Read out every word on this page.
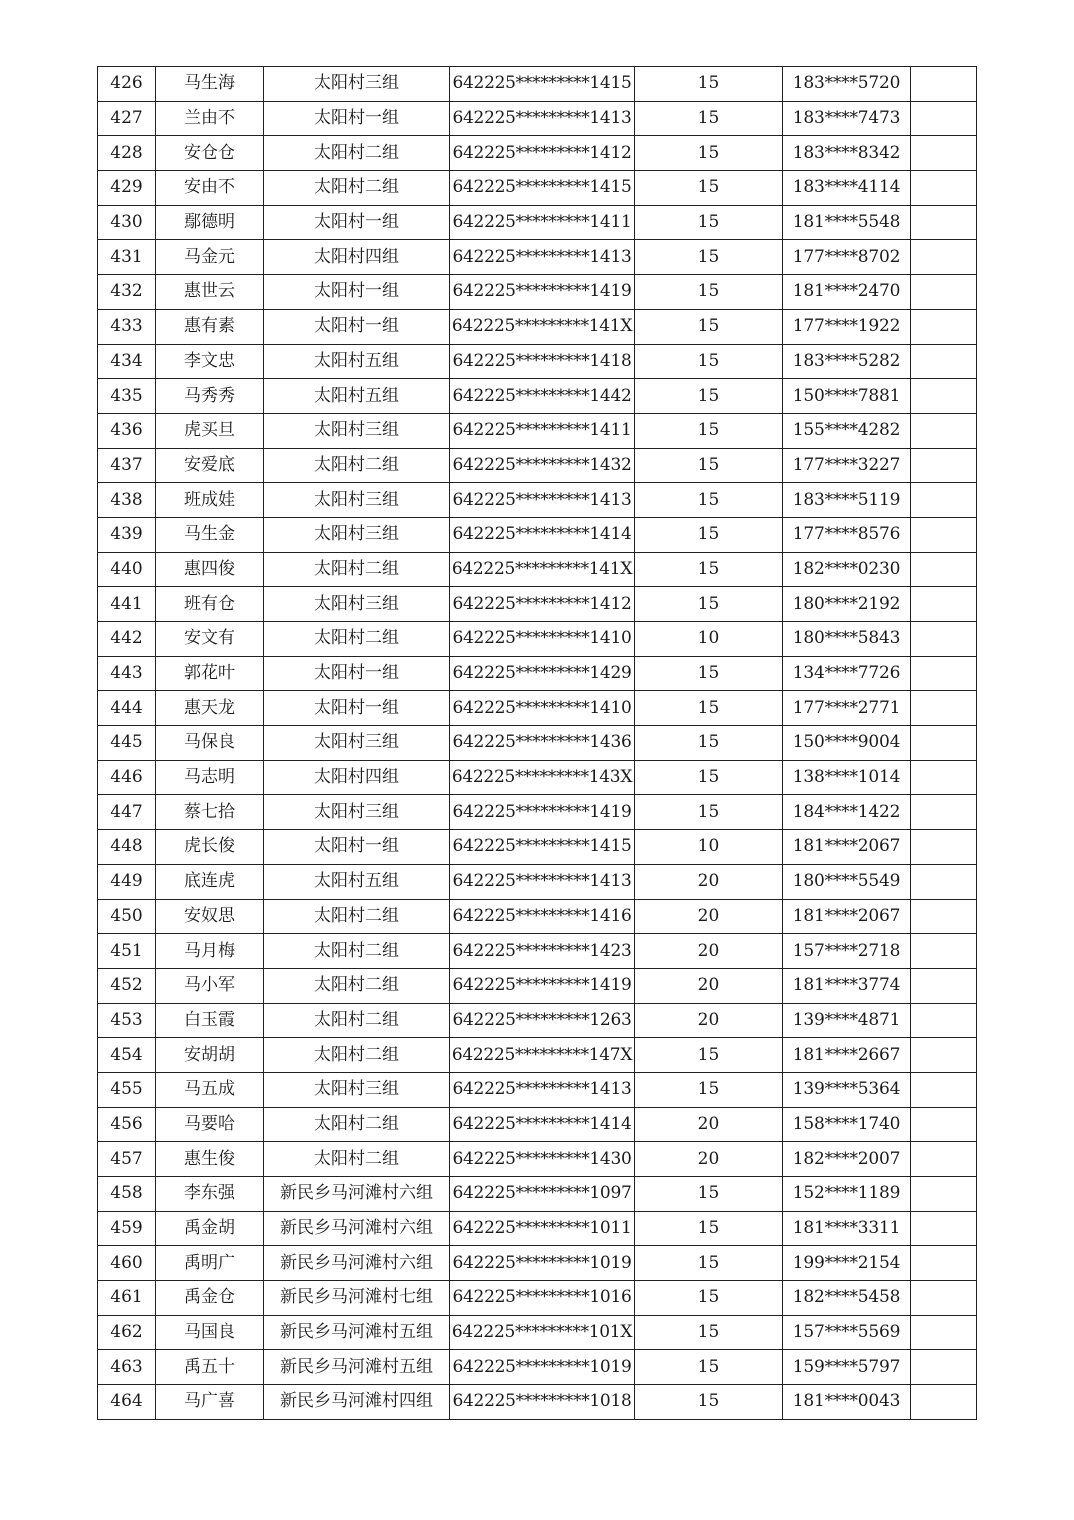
426	马生海	太阳村三组	642225*********1415	15	183****5720	
427	兰由不	太阳村一组	642225*********1413	15	183****7473	
428	安仓仓	太阳村二组	642225*********1412	15	183****8342	
429	安由不	太阳村二组	642225*********1415	15	183****4114	
430	鄢德明	太阳村一组	642225*********1411	15	181****5548	
431	马金元	太阳村四组	642225*********1413	15	177****8702	
432	惠世云	太阳村一组	642225*********1419	15	181****2470	
433	惠有素	太阳村一组	642225*********141X	15	177****1922	
434	李文忠	太阳村五组	642225*********1418	15	183****5282	
435	马秀秀	太阳村五组	642225*********1442	15	150****7881	
436	虎买旦	太阳村三组	642225*********1411	15	155****4282	
437	安爱底	太阳村二组	642225*********1432	15	177****3227	
438	班成娃	太阳村三组	642225*********1413	15	183****5119	
439	马生金	太阳村三组	642225*********1414	15	177****8576	
440	惠四俊	太阳村二组	642225*********141X	15	182****0230	
441	班有仓	太阳村三组	642225*********1412	15	180****2192	
442	安文有	太阳村二组	642225*********1410	10	180****5843	
443	郭花叶	太阳村一组	642225*********1429	15	134****7726	
444	惠天龙	太阳村一组	642225*********1410	15	177****2771	
445	马保良	太阳村三组	642225*********1436	15	150****9004	
446	马志明	太阳村四组	642225*********143X	15	138****1014	
447	蔡七拾	太阳村三组	642225*********1419	15	184****1422	
448	虎长俊	太阳村一组	642225*********1415	10	181****2067	
449	底连虎	太阳村五组	642225*********1413	20	180****5549	
450	安奴思	太阳村二组	642225*********1416	20	181****2067	
451	马月梅	太阳村二组	642225*********1423	20	157****2718	
452	马小军	太阳村二组	642225*********1419	20	181****3774	
453	白玉霞	太阳村二组	642225*********1263	20	139****4871	
454	安胡胡	太阳村二组	642225*********147X	15	181****2667	
455	马五成	太阳村三组	642225*********1413	15	139****5364	
456	马要哈	太阳村二组	642225*********1414	20	158****1740	
457	惠生俊	太阳村二组	642225*********1430	20	182****2007	
458	李东强	新民乡马河滩村六组	642225*********1097	15	152****1189	
459	禹金胡	新民乡马河滩村六组	642225*********1011	15	181****3311	
460	禹明广	新民乡马河滩村六组	642225*********1019	15	199****2154	
461	禹金仓	新民乡马河滩村七组	642225*********1016	15	182****5458	
462	马国良	新民乡马河滩村五组	642225*********101X	15	157****5569	
463	禹五十	新民乡马河滩村五组	642225*********1019	15	159****5797	
464	马广喜	新民乡马河滩村四组	642225*********1018	15	181****0043	
